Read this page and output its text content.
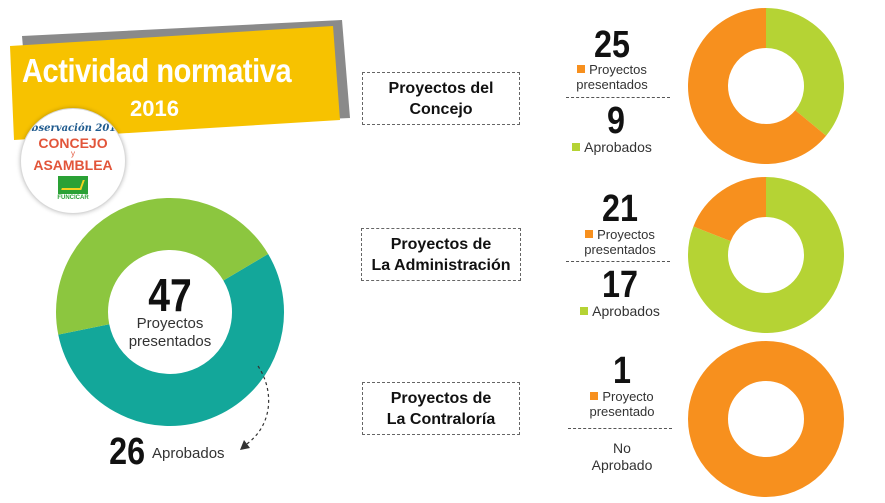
Actividad normativa
2016
Observación 2016
CONCEJO
y
ASAMBLEA
FUNCICAR
47
Proyectos
presentados
26 Aprobados
Proyectos del
Concejo
Proyectos de
La Administración
Proyectos de
La Contraloría
25
Proyectos
presentados
9
Aprobados
21
Proyectos
presentados
17
Aprobados
1
Proyecto
presentado
No
Aprobado
